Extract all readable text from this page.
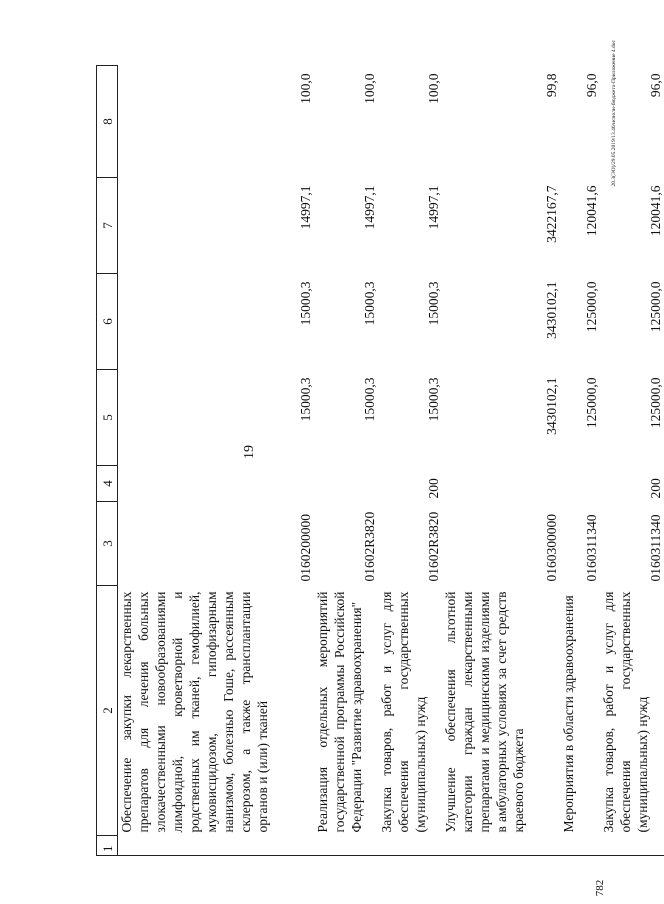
19
20.3(ЭО)/29.05.2019/13.46/исполн-бюджета-Приложение 4.doc
782
1	2	3	4	5	6	7	8
	Обеспечение закупки лекарственных препаратов для лечения больных злокачественными новообразованиями лимфоидной, кроветворной и родственных им тканей, гемофилией, муковисцидозом, гипофизарным нанизмом, болезнью Гоше, рассеянным склерозом, а также трансплантации органов и (или) тканей	0160200000		15000,3	15000,3	14997,1	100,0
	Реализация отдельных мероприятий государственной программы Российской Федерации "Развитие здравоохранения"	01602R3820		15000,3	15000,3	14997,1	100,0
	Закупка товаров, работ и услуг для обеспечения государственных (муниципальных) нужд	01602R3820	200	15000,3	15000,3	14997,1	100,0
	Улучшение обеспечения льготной категории граждан лекарственными препаратами и медицинскими изделиями в амбулаторных условиях за счет средств краевого бюджета	0160300000		3430102,1	3430102,1	3422167,7	99,8
	Мероприятия в области здравоохранения	0160311340		125000,0	125000,0	120041,6	96,0
	Закупка товаров, работ и услуг для обеспечения государственных (муниципальных) нужд	0160311340	200	125000,0	125000,0	120041,6	96,0
